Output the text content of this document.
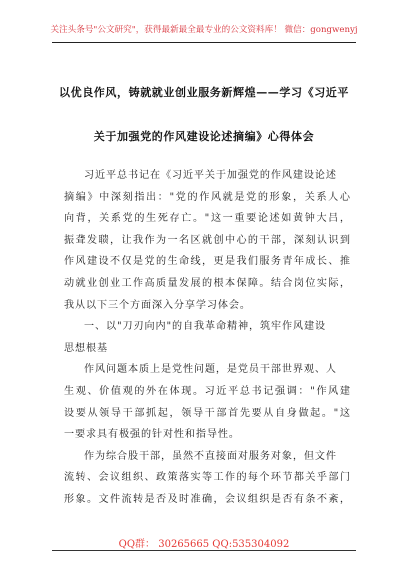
关注头条号"公文研究"，获得最新最全最专业的公文资料库！ 微信：gongwenyj
以优良作风，铸就就业创业服务新辉煌——学习《习近平
关于加强党的作风建设论述摘编》心得体会
习近平总书记在《习近平关于加强党的作风建设论述
摘编》中深刻指出："党的作风就是党的形象，关系人心
向背，关系党的生死存亡。"这一重要论述如黄钟大吕，
振聋发聩，让我作为一名区就创中心的干部，深刻认识到
作风建设不仅是党的生命线，更是我们服务青年成长、推
动就业创业工作高质量发展的根本保障。结合岗位实际，
我从以下三个方面深入分享学习体会。
一、以"刀刃向内"的自我革命精神，筑牢作风建设
思想根基
作风问题本质上是党性问题，是党员干部世界观、人
生观、价值观的外在体现。习近平总书记强调："作风建
设要从领导干部抓起，领导干部首先要从自身做起。"这
一要求具有极强的针对性和指导性。
作为综合股干部，虽然不直接面对服务对象，但文件
流转、会议组织、政策落实等工作的每个环节都关乎部门
形象。文件流转是否及时准确，会议组织是否有条不紊，
QQ群： 30265665 QQ:535304092
